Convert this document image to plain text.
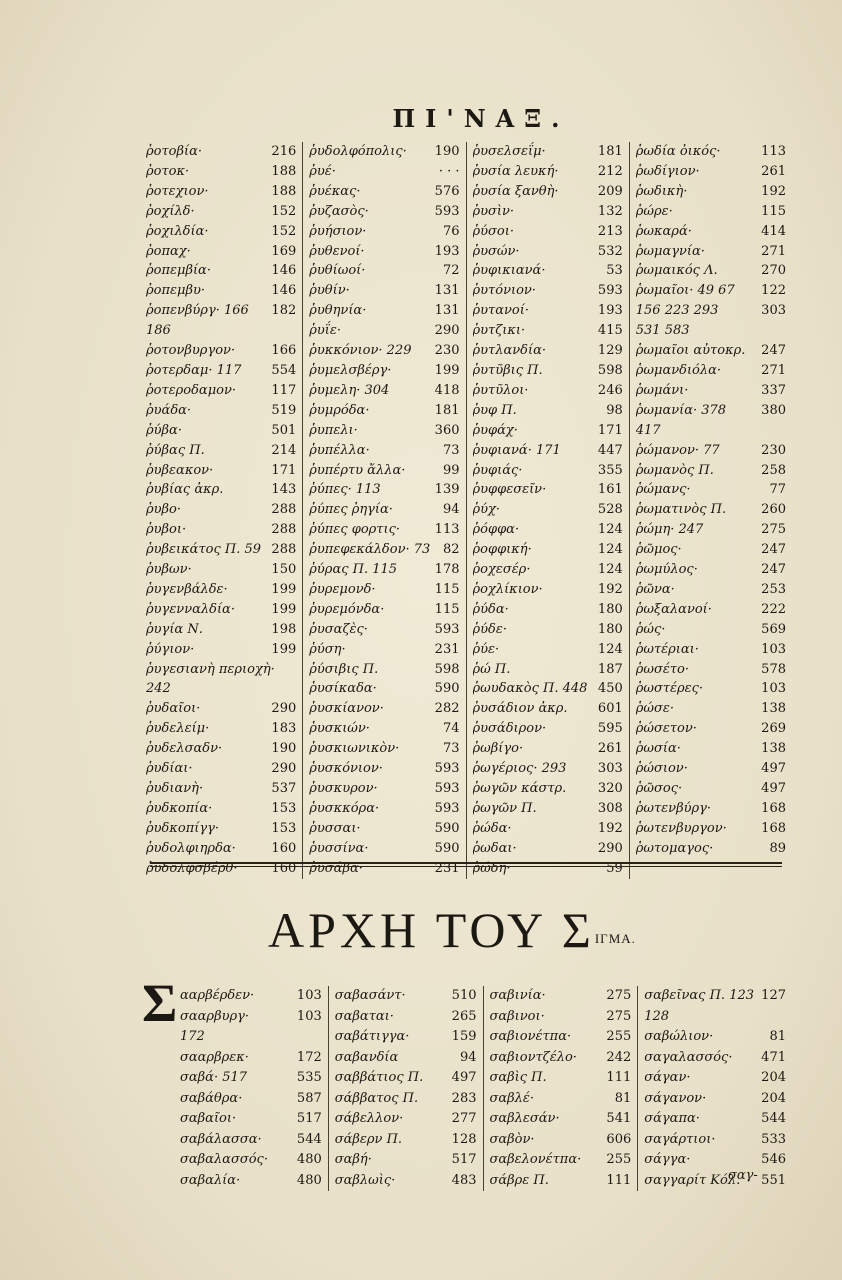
ΠΙ'ΝΑΞ.
ῥοτοβία·	216
ῥοτοκ·	188
ῥοτεχιον·	188
ῥοχίλδ·	152
ῥοχιλδία·	152
ῥοπαχ·	169
ῥοπεμβία·	146
ῥοπεμβυ·	146
ῥοπενβύργ· 166 182
186
ῥοτονβυργον·	166
ῥοτερδαμ· 117 554
ῥοτεροδαμον·	117
ῥυάδα·	519
ῥύβα·	501
ῥύβας Π.	214
ῥυβεακον·	171
ῥυβίας ἀκρ.	143
ῥυβο·	288
ῥυβοι·	288
ῥυβεικάτος Π. 59 288
ῥυβων·	150
ῥυγενβάλδε·	199
ῥυγενναλδία·	199
ῥυγία Ν.	198
ῥύγιον·	199
ῥυγεσιανὴ περιοχὴ·
242
ῥυδαῖοι·	290
ῥυδελείμ·	183
ῥυδελσαδν·	190
ῥυδίαι·	290
ῥυδιανὴ·	537
ῥυδκοπία·	153
ῥυδκοπίγγ·	153
ῥυδολφιηρδα·	160
ῥυδολφσβέρθ·	160
ῥυδολφόπολις· 190
ῥυέ·	· · ·
ῥυέκας·	576
ῥυζασὸς·	593
ῥυήσιον·	76
ῥυθενοί·	193
ῥυθίωοί·	72
ῥυθίν·	131
ῥυθηνία·	131
ῥυΐε·	290
ῥυκκόνιον· 229 230
ῥυμελσβέργ·	199
ῥυμελη· 304	418
ῥυμρόδα·	181
ῥυπελι·	360
ῥυπέλλα·	73
ῥυπέρτυ ἄλλα·	99
ῥύπες· 113	139
ῥύπες ῥηγία·	94
ῥύπες φορτις·	113
ῥυπεφεκάλδον· 73 82
ῥύρας Π. 115	178
ῥυρεμονδ·	115
ῥυρεμόνδα·	115
ῥυσαζὲς·	593
ῥύση·	231
ῥύσιβις Π.	598
ῥυσίκαδα·	590
ῥυσκίανον·	282
ῥυσκιών·	74
ῥυσκιωνικὸν·	73
ῥυσκόνιον·	593
ῥυσκυρον·	593
ῥυσκκόρα·	593
ῥυσσαι·	590
ῥυσσίνα·	590
ῥυσάβα·	231
ῥυσελσεΐμ·	181
ῥυσία λευκή·	212
ῥυσία ξανθὴ·	209
ῥυσὶν·	132
ῥύσοι·	213
ῥυσών·	532
ῥυφικιανά·	53
ῥυτόνιον·	593
ῥυτανοί·	193
ῥυτζικι·	415
ῥυτλανδία·	129
ῥυτῦβις Π.	598
ῥυτῦλοι·	246
ῥυφ Π.	98
ῥυφάχ·	171
ῥυφιανά· 171	447
ῥυφιάς·	355
ῥυφφεσεῖν·	161
ῥύχ·	528
ῥόφφα·	124
ῥοφφική·	124
ῥοχεσέρ·	124
ῥοχλίκιον·	192
ῥύδα·	180
ῥύδε·	180
ῥύε·	124
ῥώ Π.	187
ῥωυδακὸς Π. 448 450
ῥυσάδιον ἀκρ. 601
ῥυσάδιρον·	595
ῥωβίγο·	261
ῥωγέριος· 293 303
ῥωγῶν κάστρ. 320
ῥωγῶν Π.	308
ῥώδα·	192
ῥωδαι·	290
ῥώδη·	59
ῥωδία ὀικός·	113
ῥωδίγιον·	261
ῥωδικὴ·	192
ῥώρε·	115
ῥωκαρά·	414
ῥωμαγνία·	271
ῥωμαικός Λ.	270
ῥωμαῖοι· 49 67 122
156 223 293	303
531 583
ῥωμαῖοι αὐτοκρ. 247
ῥωμανδιόλα·	271
ῥωμάνι·	337
ῥωμανία· 378	380
417
ῥώμανον· 77	230
ῥωμανὸς Π.	258
ῥώμανς·	77
ῥωματινὸς Π.	260
ῥώμη· 247	275
ῥῶμος·	247
ῥωμύλος·	247
ῥῶνα·	253
ῥωξαλανοί·	222
ῥώς·	569
ῥωτέριαι·	103
ῥωσέτο·	578
ῥωστέρες·	103
ῥώσε·	138
ῥώσετον·	269
ῥωσία·	138
ῥώσιον·	497
ῥῶσος·	497
ῥωτενβύργ·	168
ῥωτενβυργον·	168
ῥωτομαγος·	89
ΑΡΧΗ ΤΟΥ ΣΙΓΜΑ.
Σ ααρβέρδεν·	103
σααρβυργ·	103
172
σααρβρεκ·	172
σαβά· 517	535
σαβάθρα·	587
σαβαῖοι·	517
σαβάλασσα·	544
σαβαλασσός· 480
σαβαλία·	480
σαβασάντ·	510
σαβαται·	265
σαβάτιγγα·	159
σαβανδία	94
σαββάτιος Π. 497
σάββατος Π.	283
σάβελλον·	277
σάβερν Π.	128
σαβή·	517
σαβλωὶς·	483
σαβινία·	275
σαβινοι·	275
σαβιονέτπα·	255
σαβιοντζέλο· 242
σαβὶς Π.	111
σαβλέ·	81
σαβλεσάν·	541
σαβὸν·	606
σαβελονέτπα· 255
σάβρε Π.	111
σαβεῖνας Π. 123 127
128
σαβώλιον·	81
σαγαλασσός· 471
σάγαν·	204
σάγανον·	204
σάγαπα·	544
σαγάρτιοι·	533
σάγγα·	546
σαγγαρίτ Κόλ. 551
σαγ-
